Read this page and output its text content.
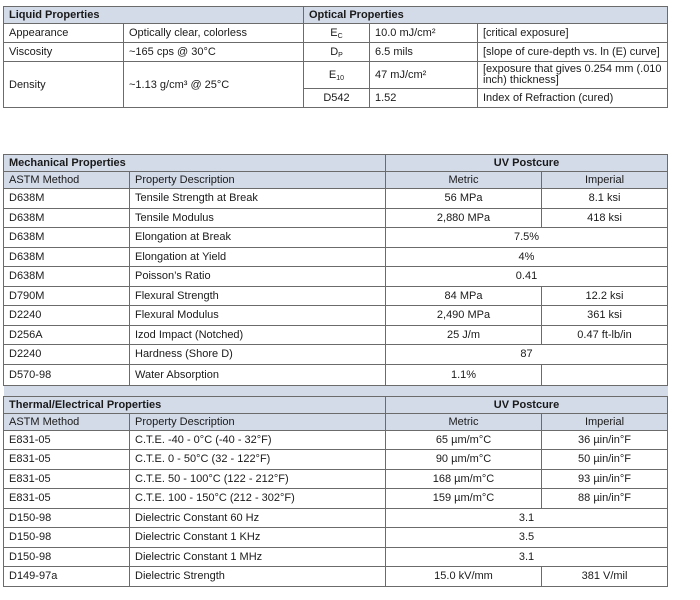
Liquid Properties		Optical Properties		
Appearance	Optically clear, colorless	EC	10.0 mJ/cm²	[critical exposure]
Viscosity	~165 cps @ 30°C	DP	6.5 mils	[slope of cure-depth vs. ln (E) curve]
Density	~1.13 g/cm³ @ 25°C	E10	47 mJ/cm²	[exposure that gives 0.254 mm (.010 inch) thickness]
		D542	1.52	Index of Refraction (cured)
Mechanical Properties		UV Postcure	
ASTM Method	Property Description	Metric	Imperial
D638M	Tensile Strength at Break	56 MPa	8.1 ksi
D638M	Tensile Modulus	2,880 MPa	418 ksi
D638M	Elongation at Break	7.5%	
D638M	Elongation at Yield	4%	
D638M	Poisson’s Ratio	0.41	
D790M	Flexural Strength	84 MPa	12.2 ksi
D2240	Flexural Modulus	2,490 MPa	361 ksi
D256A	Izod Impact (Notched)	25 J/m	0.47 ft-lb/in
D2240	Hardness (Shore D)	87	
D570-98	Water Absorption	1.1%	

Thermal/Electrical Properties		UV Postcure	
ASTM Method	Property Description	Metric	Imperial
E831-05	C.T.E. -40 - 0°C (-40 - 32°F)	65 µm/m°C	36 µin/in°F
E831-05	C.T.E. 0 - 50°C (32 - 122°F)	90 µm/m°C	50 µin/in°F
E831-05	C.T.E. 50 - 100°C (122 - 212°F)	168 µm/m°C	93 µin/in°F
E831-05	C.T.E. 100 - 150°C (212 - 302°F)	159 µm/m°C	88 µin/in°F
D150-98	Dielectric Constant 60 Hz	3.1	
D150-98	Dielectric Constant 1 KHz	3.5	
D150-98	Dielectric Constant 1 MHz	3.1	
D149-97a	Dielectric Strength	15.0 kV/mm	381 V/mil
